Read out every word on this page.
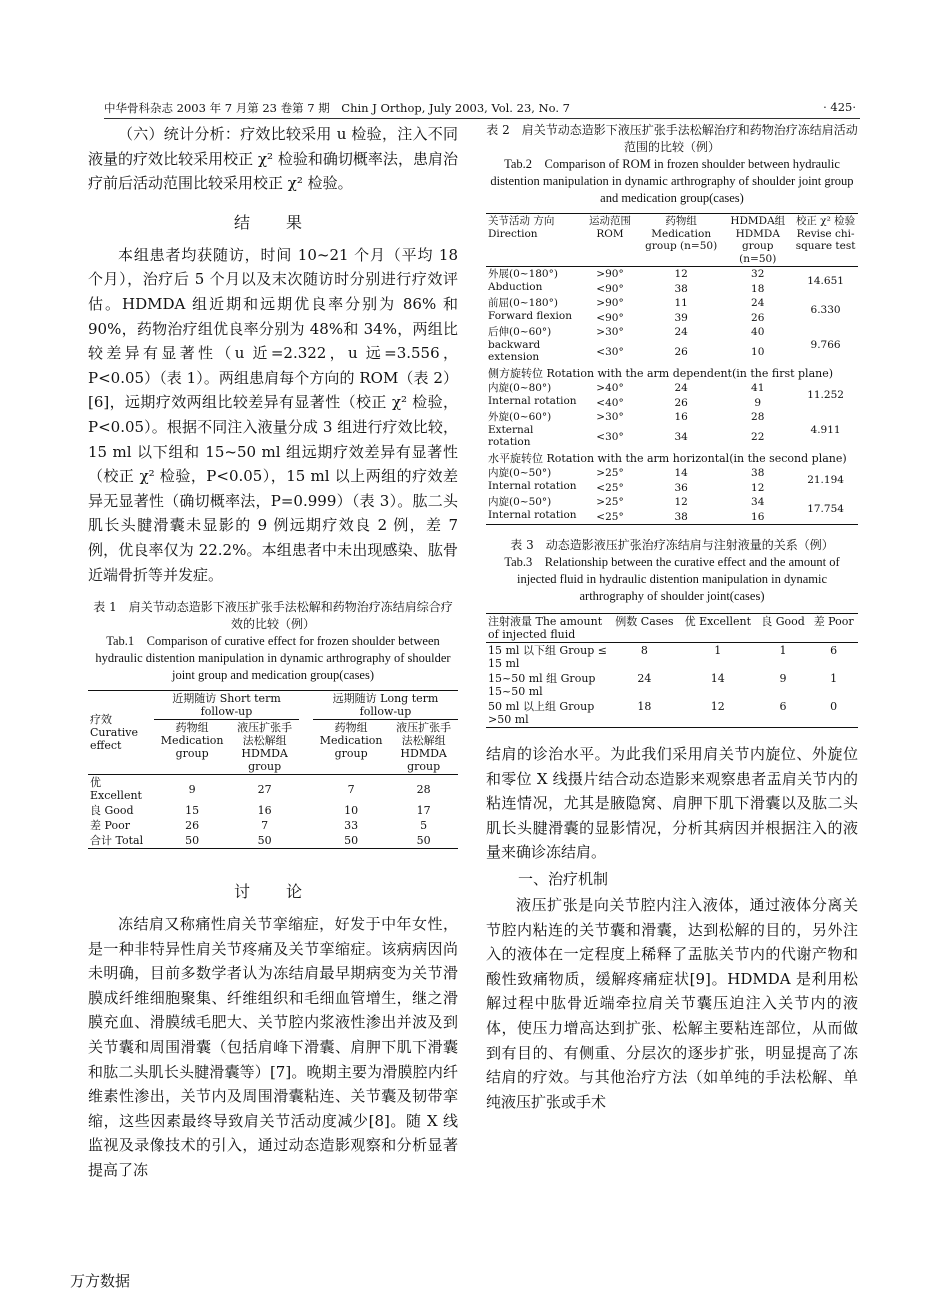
中华骨科杂志 2003 年 7 月第 23 卷第 7 期　Chin J Orthop, July 2003, Vol. 23, No. 7	· 425·

（六）统计分析：疗效比较采用 u 检验，注入不同液量的疗效比较采用校正 χ² 检验和确切概率法，患肩治疗前后活动范围比较采用校正 χ² 检验。

结　果

本组患者均获随访，时间 10~21 个月（平均 18 个月），治疗后 5 个月以及末次随访时分别进行疗效评估。HDMDA 组近期和远期优良率分别为 86% 和 90%，药物治疗组优良率分别为 48%和 34%，两组比较差异有显著性（u 近=2.322，u 远=3.556，P<0.05）（表 1）。两组患肩每个方向的 ROM（表 2）[6]，远期疗效两组比较差异有显著性（校正 χ² 检验，P<0.05）。根据不同注入液量分成 3 组进行疗效比较，15 ml 以下组和 15~50 ml 组远期疗效差异有显著性（校正 χ² 检验，P<0.05），15 ml 以上两组的疗效差异无显著性（确切概率法，P=0.999）（表 3）。肱二头肌长头腱滑囊未显影的 9 例远期疗效良 2 例，差 7 例，优良率仅为 22.2%。本组患者中未出现感染、肱骨近端骨折等并发症。

表 1　肩关节动态造影下液压扩张手法松解和药物治疗冻结肩综合疗效的比较（例）

Tab.1　Comparison of curative effect for frozen shoulder between hydraulic distention manipulation in dynamic arthrography of shoulder joint group and medication group(cases)

疗效 Curative effect	近期随访 Short term follow-up			远期随访 Long term follow-up	
	药物组 Medication group	液压扩张手法松解组 HDMDA group		药物组 Medication group	液压扩张手法松解组 HDMDA group
优 Excellent	9	27		7	28
良 Good	15	16		10	17
差 Poor	26	7		33	5
合计 Total	50	50		50	50
讨　论

冻结肩又称痛性肩关节挛缩症，好发于中年女性，是一种非特异性肩关节疼痛及关节挛缩症。该病病因尚未明确，目前多数学者认为冻结肩最早期病变为关节滑膜成纤维细胞聚集、纤维组织和毛细血管增生，继之滑膜充血、滑膜绒毛肥大、关节腔内浆液性渗出并波及到关节囊和周围滑囊（包括肩峰下滑囊、肩胛下肌下滑囊和肱二头肌长头腱滑囊等）[7]。晚期主要为滑膜腔内纤维素性渗出，关节内及周围滑囊粘连、关节囊及韧带挛缩，这些因素最终导致肩关节活动度减少[8]。随 X 线监视及录像技术的引入，通过动态造影观察和分析显著提高了冻

表 2　肩关节动态造影下液压扩张手法松解治疗和药物治疗冻结肩活动范围的比较（例）

Tab.2　Comparison of ROM in frozen shoulder between hydraulic distention manipulation in dynamic arthrography of shoulder joint group and medication group(cases)

关节活动 方向 Direction	运动范围 ROM	药物组 Medication group (n=50)	HDMDA组 HDMDA group (n=50)	校正 χ² 检验 Revise chi-square test
外展(0~180°) Abduction	>90°	12	32	14.651
	<90°	38	18	
前屈(0~180°) Forward flexion	>90°	11	24	6.330
	<90°	39	26	
后伸(0~60°) backward extension	>30°	24	40	9.766
	<30°	26	10	
侧方旋转位 Rotation with the arm dependent(in the first plane)				
内旋(0~80°) Internal rotation	>40°	24	41	11.252
	<40°	26	9	
外旋(0~60°) External rotation	>30°	16	28	4.911
	<30°	34	22	
水平旋转位 Rotation with the arm horizontal(in the second plane)				
内旋(0~50°) Internal rotation	>25°	14	38	21.194
	<25°	36	12	
内旋(0~50°) Internal rotation	>25°	12	34	17.754
	<25°	38	16	

表 3　动态造影液压扩张治疗冻结肩与注射液量的关系（例）

Tab.3　Relationship between the curative effect and the amount of injected fluid in hydraulic distention manipulation in dynamic arthrography of shoulder joint(cases)

注射液量 The amount of injected fluid	例数 Cases	优 Excellent	良 Good	差 Poor
15 ml 以下组 Group ≤ 15 ml	8	1	1	6
15~50 ml 组 Group 15~50 ml	24	14	9	1
50 ml 以上组 Group >50 ml	18	12	6	0

结肩的诊治水平。为此我们采用肩关节内旋位、外旋位和零位 X 线摄片结合动态造影来观察患者盂肩关节内的粘连情况，尤其是腋隐窝、肩胛下肌下滑囊以及肱二头肌长头腱滑囊的显影情况，分析其病因并根据注入的液量来确诊冻结肩。

一、治疗机制

液压扩张是向关节腔内注入液体，通过液体分离关节腔内粘连的关节囊和滑囊，达到松解的目的，另外注入的液体在一定程度上稀释了盂肱关节内的代谢产物和酸性致痛物质，缓解疼痛症状[9]。HDMDA 是利用松解过程中肱骨近端牵拉肩关节囊压迫注入关节内的液体，使压力增高达到扩张、松解主要粘连部位，从而做到有目的、有侧重、分层次的逐步扩张，明显提高了冻结肩的疗效。与其他治疗方法（如单纯的手法松解、单纯液压扩张或手术

万方数据
